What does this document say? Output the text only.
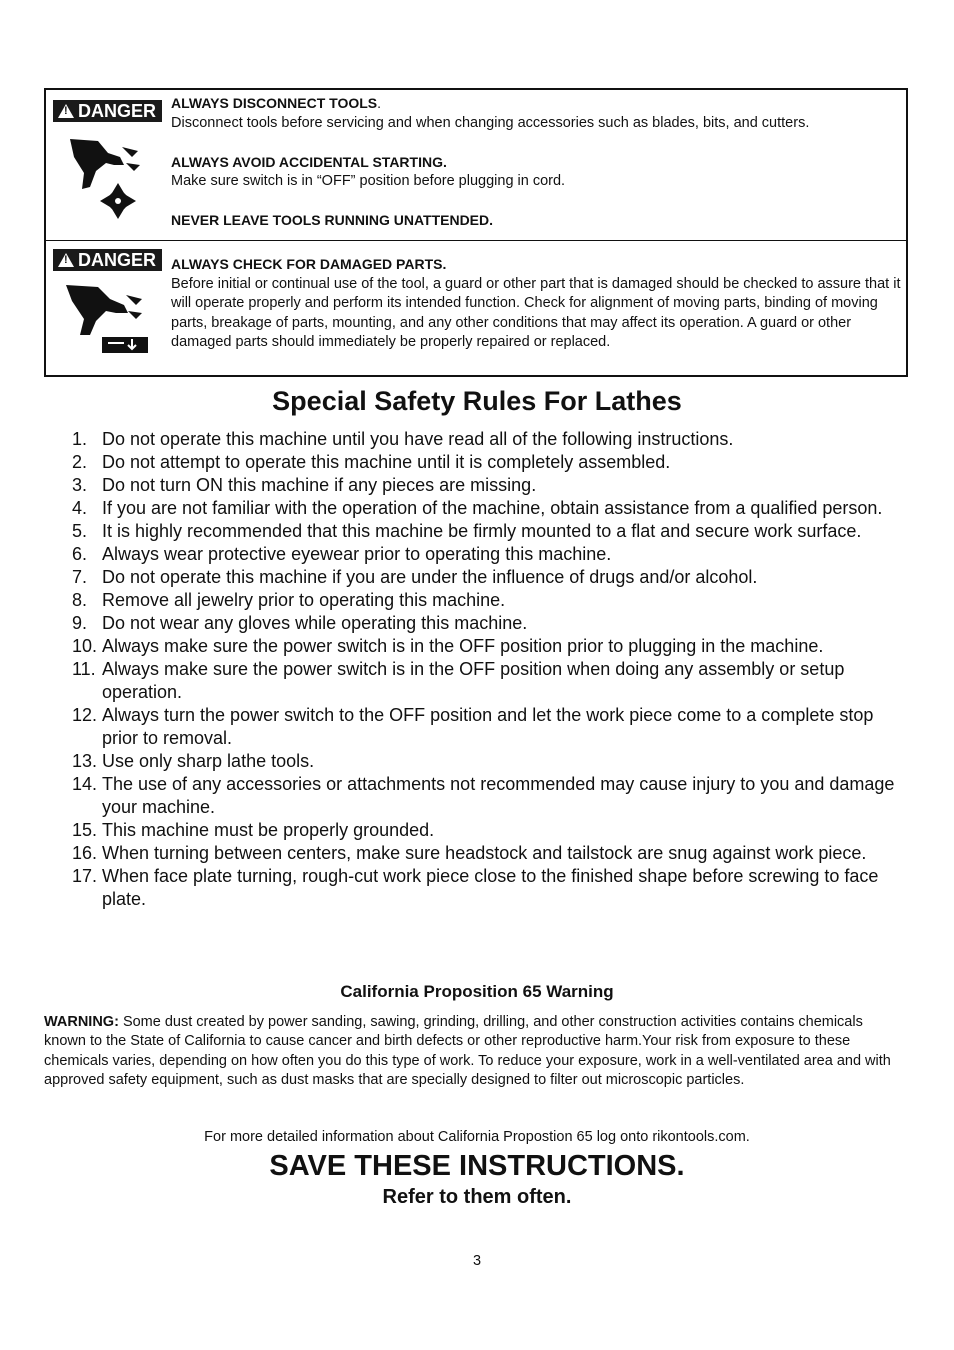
!
DANGER ALWAYS DISCONNECT TOOLS.

Disconnect tools before servicing and when changing accessories such as blades, bits, and cutters.

ALWAYS AVOID ACCIDENTAL STARTING.

Make sure switch is in “OFF” position before plugging in cord.

NEVER LEAVE TOOLS RUNNING UNATTENDED.

!
DANGER ALWAYS CHECK FOR DAMAGED PARTS.

Before initial or continual use of the tool, a guard or other part that is damaged should be checked to assure that it will operate properly and perform its intended function. Check for alignment of moving parts, binding of moving parts, breakage of parts, mounting, and any other conditions that may affect its operation. A guard or other damaged parts should immediately be properly repaired or replaced.

Special Safety Rules For Lathes
1. Do not operate this machine until you have read all of the following instructions.
2. Do not attempt to operate this machine until it is completely assembled.
3. Do not turn ON this machine if any pieces are missing.
4. If you are not familiar with the operation of the machine, obtain assistance from a qualified person.
5. It is highly recommended that this machine be firmly mounted to a flat and secure work surface.
6. Always wear protective eyewear prior to operating this machine.
7. Do not operate this machine if you are under the influence of drugs and/or alcohol.
8. Remove all jewelry prior to operating this machine.
9. Do not wear any gloves while operating this machine.
10. Always make sure the power switch is in the OFF position prior to plugging in the machine.
11. Always make sure the power switch is in the OFF position when doing any assembly or setup operation.
12. Always turn the power switch to the OFF position and let the work piece come to a complete stop prior to removal.
13. Use only sharp lathe tools.
14. The use of any accessories or attachments not recommended may cause injury to you and damage your machine.
15. This machine must be properly grounded.
16. When turning between centers, make sure headstock and tailstock are snug against work piece.
17. When face plate turning, rough-cut work piece close to the finished shape before screwing to face plate.
California Proposition 65 Warning

WARNING: Some dust created by power sanding, sawing, grinding, drilling, and other construction activities contains chemicals known to the State of California to cause cancer and birth defects or other reproductive harm.Your risk from exposure to these chemicals varies, depending on how often you do this type of work. To reduce your exposure, work in a well-ventilated area and with approved safety equipment, such as dust masks that are specially designed to filter out microscopic particles.

For more detailed information about California Propostion 65 log onto rikontools.com.
SAVE THESE INSTRUCTIONS.
Refer to them often.
3
